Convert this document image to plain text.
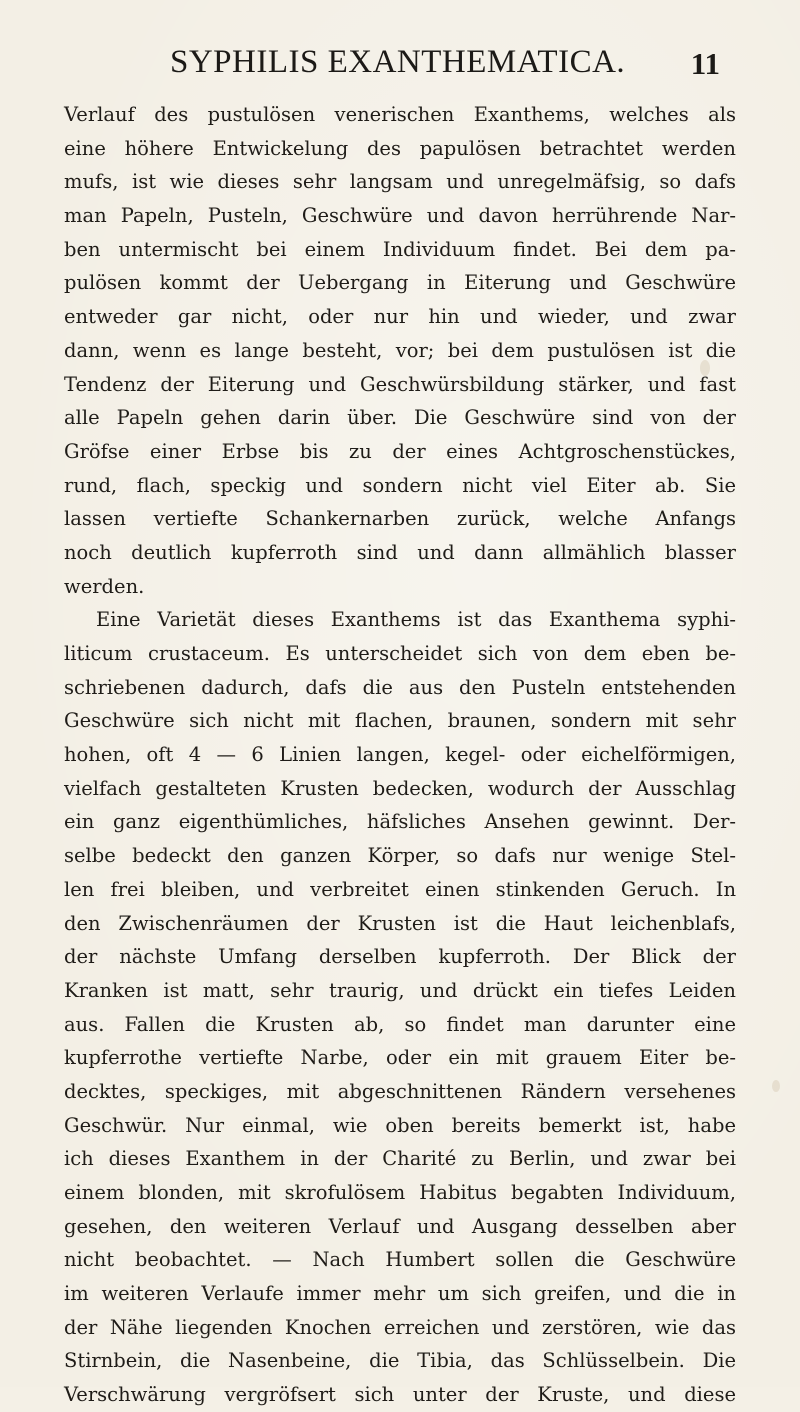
SYPHILIS EXANTHEMATICA. 11
Verlauf des pustulösen venerischen Exanthems, welches als
eine höhere Entwickelung des papulösen betrachtet werden
mufs, ist wie dieses sehr langsam und unregelmäfsig, so dafs
man Papeln, Pusteln, Geschwüre und davon herrührende Nar-
ben untermischt bei einem Individuum findet. Bei dem pa-
pulösen kommt der Uebergang in Eiterung und Geschwüre
entweder gar nicht, oder nur hin und wieder, und zwar
dann, wenn es lange besteht, vor; bei dem pustulösen ist die
Tendenz der Eiterung und Geschwürsbildung stärker, und fast
alle Papeln gehen darin über. Die Geschwüre sind von der
Gröfse einer Erbse bis zu der eines Achtgroschenstückes,
rund, flach, speckig und sondern nicht viel Eiter ab. Sie
lassen vertiefte Schankernarben zurück, welche Anfangs
noch deutlich kupferroth sind und dann allmählich blasser
werden.
Eine Varietät dieses Exanthems ist das Exanthema syphi-
liticum crustaceum. Es unterscheidet sich von dem eben be-
schriebenen dadurch, dafs die aus den Pusteln entstehenden
Geschwüre sich nicht mit flachen, braunen, sondern mit sehr
hohen, oft 4 — 6 Linien langen, kegel- oder eichelförmigen,
vielfach gestalteten Krusten bedecken, wodurch der Ausschlag
ein ganz eigenthümliches, häfsliches Ansehen gewinnt. Der-
selbe bedeckt den ganzen Körper, so dafs nur wenige Stel-
len frei bleiben, und verbreitet einen stinkenden Geruch. In
den Zwischenräumen der Krusten ist die Haut leichenblafs,
der nächste Umfang derselben kupferroth. Der Blick der
Kranken ist matt, sehr traurig, und drückt ein tiefes Leiden
aus. Fallen die Krusten ab, so findet man darunter eine
kupferrothe vertiefte Narbe, oder ein mit grauem Eiter be-
decktes, speckiges, mit abgeschnittenen Rändern versehenes
Geschwür. Nur einmal, wie oben bereits bemerkt ist, habe
ich dieses Exanthem in der Charité zu Berlin, und zwar bei
einem blonden, mit skrofulösem Habitus begabten Individuum,
gesehen, den weiteren Verlauf und Ausgang desselben aber
nicht beobachtet. — Nach Humbert sollen die Geschwüre
im weiteren Verlaufe immer mehr um sich greifen, und die in
der Nähe liegenden Knochen erreichen und zerstören, wie das
Stirnbein, die Nasenbeine, die Tibia, das Schlüsselbein. Die
Verschwärung vergröfsert sich unter der Kruste, und diese
